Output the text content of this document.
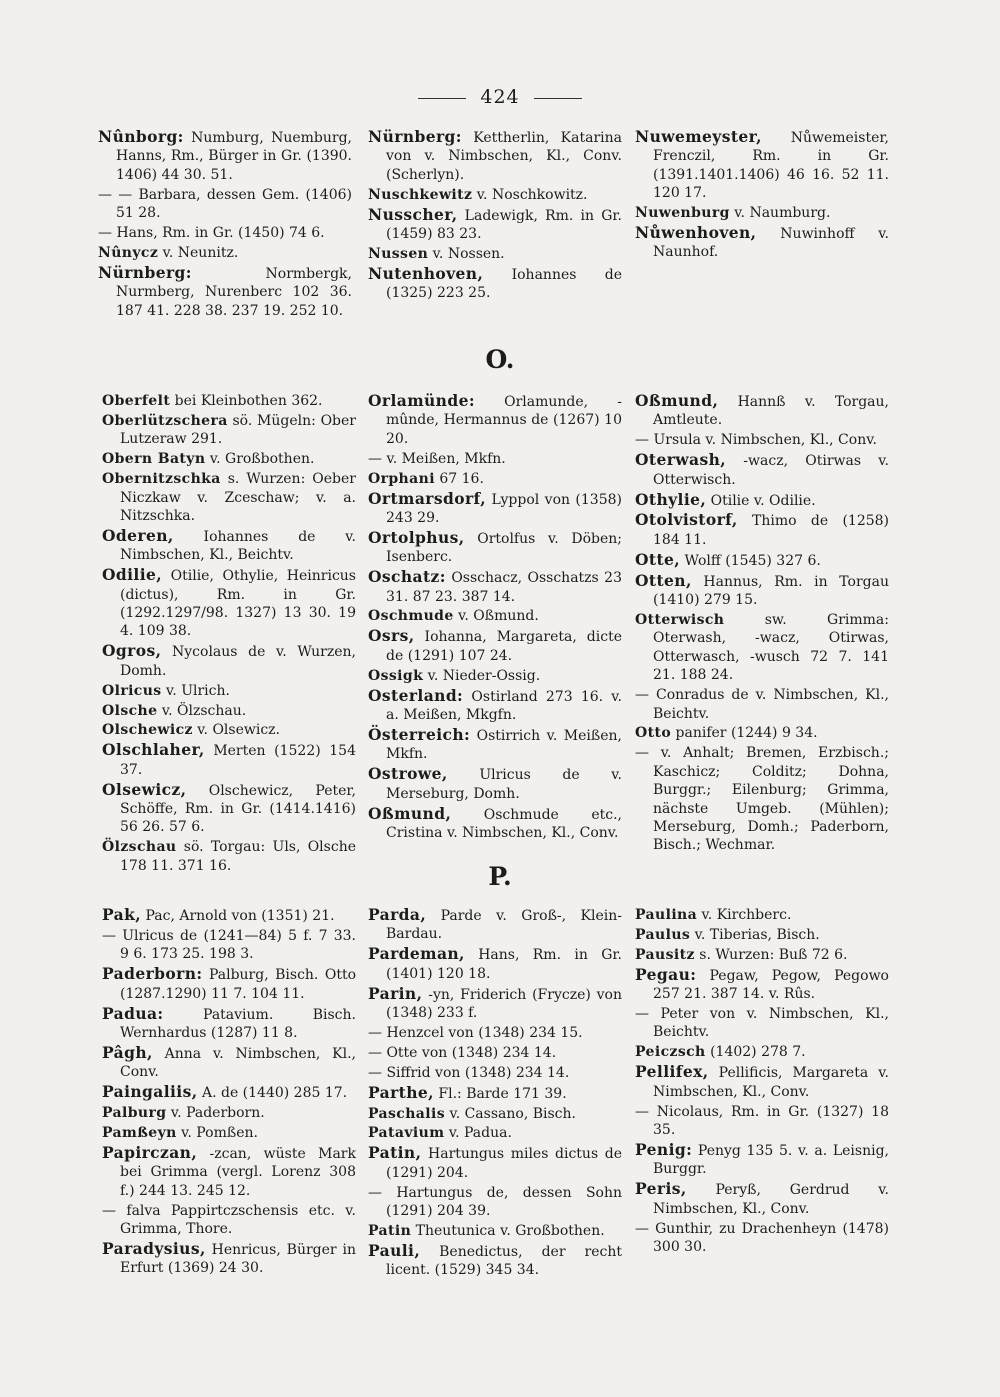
424
Nûnborg: Numburg, Nuemburg, Hanns, Rm., Bürger in Gr. (1390. 1406) 44 30. 51.
— — Barbara, dessen Gem. (1406) 51 28.
— Hans, Rm. in Gr. (1450) 74 6.
Nûnycz v. Neunitz.
Nürnberg: Normbergk, Nurmberg, Nurenberc 102 36. 187 41. 228 38. 237 19. 252 10.
Nürnberg: Kettherlin, Katarina von v. Nimbschen, Kl., Conv. (Scherlyn).
Nuschkewitz v. Noschkowitz.
Nusscher, Ladewigk, Rm. in Gr. (1459) 83 23.
Nussen v. Nossen.
Nutenhoven, Iohannes de (1325) 223 25.
Nuwemeyster, Nůwemeister, Frenczil, Rm. in Gr. (1391.1401.1406) 46 16. 52 11. 120 17.
Nuwenburg v. Naumburg.
Nůwenhoven, Nuwinhoff v. Naunhof.
O.
Oberfelt bei Kleinbothen 362.
Oberlützschera sö. Mügeln: Ober Lutzeraw 291.
Obern Batyn v. Großbothen.
Obernitzschka s. Wurzen: Oeber Niczkaw v. Zceschaw; v. a. Nitzschka.
Oderen, Iohannes de v. Nimbschen, Kl., Beichtv.
Odilie, Otilie, Othylie, Heinricus (dictus), Rm. in Gr. (1292.1297/98. 1327) 13 30. 19 4. 109 38.
Ogros, Nycolaus de v. Wurzen, Domh.
Olricus v. Ulrich.
Olsche v. Ölzschau.
Olschewicz v. Olsewicz.
Olschlaher, Merten (1522) 154 37.
Olsewicz, Olschewicz, Peter, Schöffe, Rm. in Gr. (1414.1416) 56 26. 57 6.
Ölzschau sö. Torgau: Uls, Olsche 178 11. 371 16.
Orlamünde: Orlamunde, -mûnde, Hermannus de (1267) 10 20.
— v. Meißen, Mkfn.
Orphani 67 16.
Ortmarsdorf, Lyppol von (1358) 243 29.
Ortolphus, Ortolfus v. Döben; Isenberc.
Oschatz: Osschacz, Osschatzs 23 31. 87 23. 387 14.
Oschmude v. Oßmund.
Osrs, Iohanna, Margareta, dicte de (1291) 107 24.
Ossigk v. Nieder-Ossig.
Osterland: Ostirland 273 16. v. a. Meißen, Mkgfn.
Österreich: Ostirrich v. Meißen, Mkfn.
Ostrowe, Ulricus de v. Merseburg, Domh.
Oßmund, Oschmude etc., Cristina v. Nimbschen, Kl., Conv.
Oßmund, Hannß v. Torgau, Amtleute.
— Ursula v. Nimbschen, Kl., Conv.
Oterwash, -wacz, Otirwas v. Otterwisch.
Othylie, Otilie v. Odilie.
Otolvistorf, Thimo de (1258) 184 11.
Otte, Wolff (1545) 327 6.
Otten, Hannus, Rm. in Torgau (1410) 279 15.
Otterwisch sw. Grimma: Oterwash, -wacz, Otirwas, Otterwasch, -wusch 72 7. 141 21. 188 24.
— Conradus de v. Nimbschen, Kl., Beichtv.
Otto panifer (1244) 9 34.
— v. Anhalt; Bremen, Erzbisch.; Kaschicz; Colditz; Dohna, Burggr.; Eilenburg; Grimma, nächste Umgeb. (Mühlen); Merseburg, Domh.; Paderborn, Bisch.; Wechmar.
P.
Pak, Pac, Arnold von (1351) 21.
— Ulricus de (1241—84) 5 f. 7 33. 9 6. 173 25. 198 3.
Paderborn: Palburg, Bisch. Otto (1287.1290) 11 7. 104 11.
Padua: Patavium. Bisch. Wernhardus (1287) 11 8.
Pâgh, Anna v. Nimbschen, Kl., Conv.
Paingaliis, A. de (1440) 285 17.
Palburg v. Paderborn.
Pamßeyn v. Pomßen.
Papirczan, -zcan, wüste Mark bei Grimma (vergl. Lorenz 308 f.) 244 13. 245 12.
— falva Pappirtczschensis etc. v. Grimma, Thore.
Paradysius, Henricus, Bürger in Erfurt (1369) 24 30.
Parda, Parde v. Groß-, Klein-Bardau.
Pardeman, Hans, Rm. in Gr. (1401) 120 18.
Parin, -yn, Friderich (Frycze) von (1348) 233 f.
— Henzcel von (1348) 234 15.
— Otte von (1348) 234 14.
— Siffrid von (1348) 234 14.
Parthe, Fl.: Barde 171 39.
Paschalis v. Cassano, Bisch.
Patavium v. Padua.
Patin, Hartungus miles dictus de (1291) 204.
— Hartungus de, dessen Sohn (1291) 204 39.
Patin Theutunica v. Großbothen.
Pauli, Benedictus, der recht licent. (1529) 345 34.
Paulina v. Kirchberc.
Paulus v. Tiberias, Bisch.
Pausitz s. Wurzen: Buß 72 6.
Pegau: Pegaw, Pegow, Pegowo 257 21. 387 14. v. Rûs.
— Peter von v. Nimbschen, Kl., Beichtv.
Peiczsch (1402) 278 7.
Pellifex, Pellificis, Margareta v. Nimbschen, Kl., Conv.
— Nicolaus, Rm. in Gr. (1327) 18 35.
Penig: Penyg 135 5. v. a. Leisnig, Burggr.
Peris, Peryß, Gerdrud v. Nimbschen, Kl., Conv.
— Gunthir, zu Drachenheyn (1478) 300 30.
